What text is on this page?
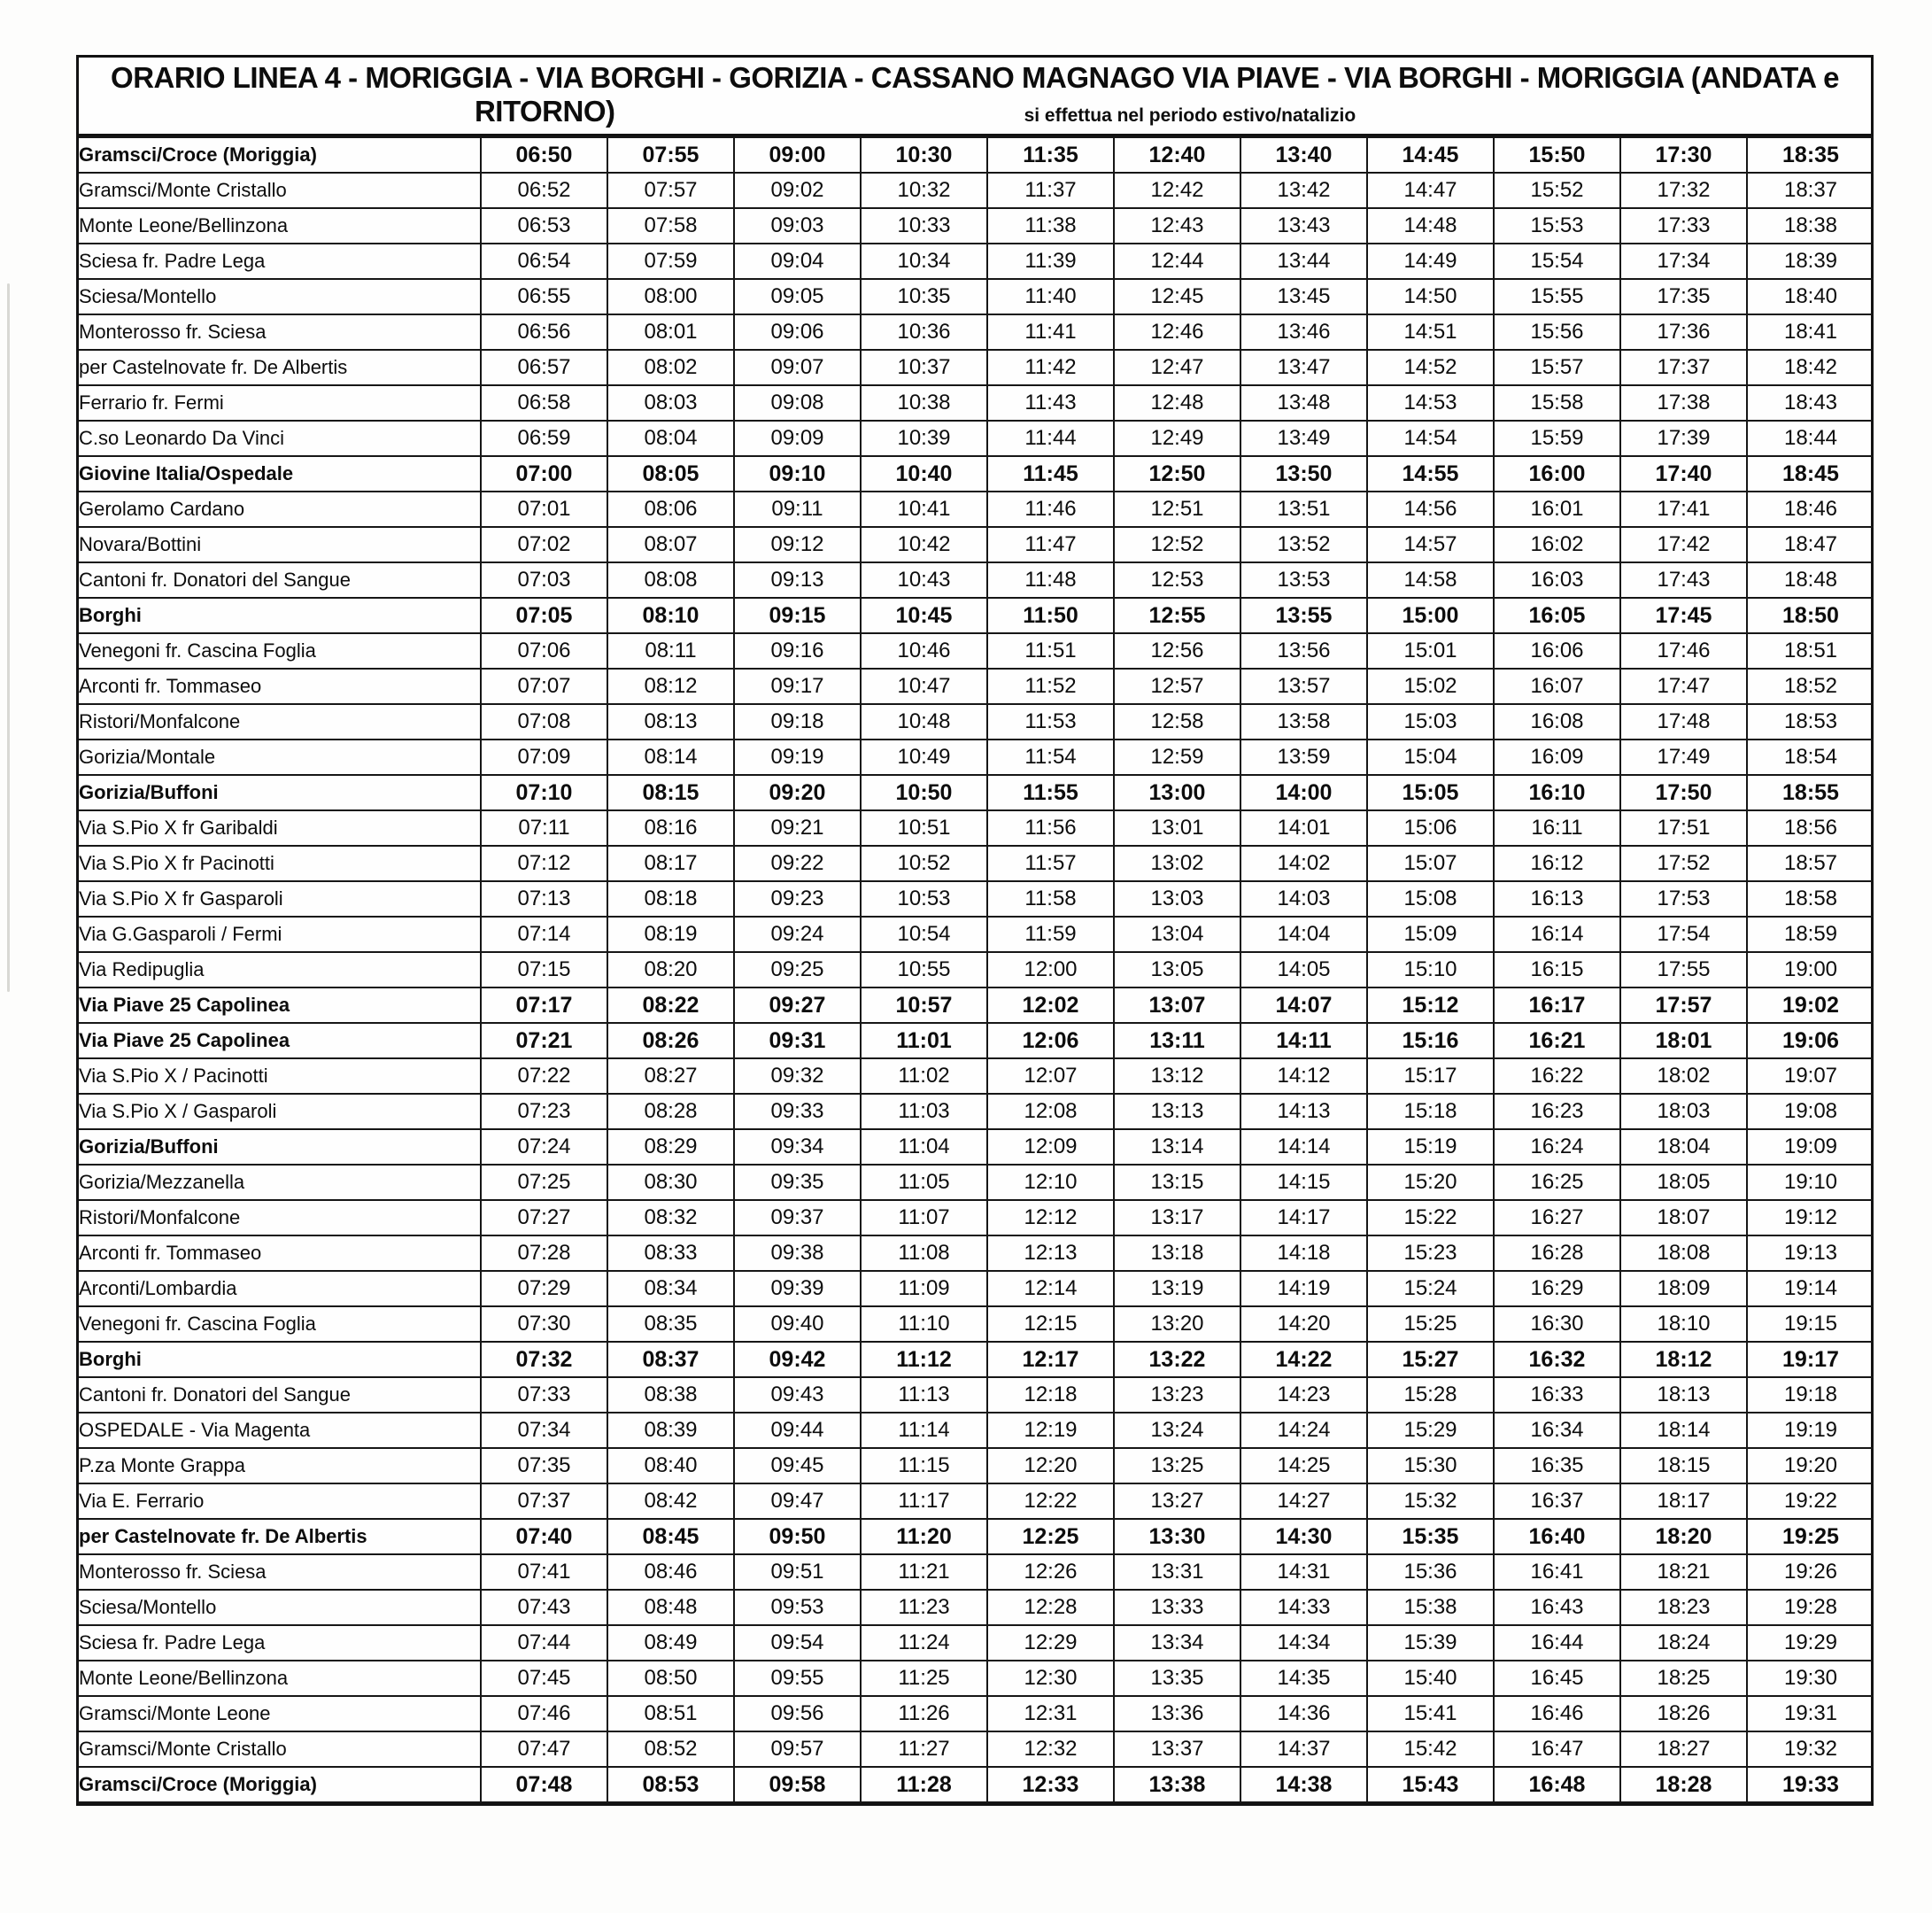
ORARIO LINEA 4 - MORIGGIA - VIA BORGHI - GORIZIA - CASSANO MAGNAGO VIA PIAVE - VIA BORGHI - MORIGGIA (ANDATA e
RITORNO)	si effettua nel periodo estivo/natalizio
Gramsci/Croce (Moriggia)	06:50	07:55	09:00	10:30	11:35	12:40	13:40	14:45	15:50	17:30	18:35
Gramsci/Monte Cristallo	06:52	07:57	09:02	10:32	11:37	12:42	13:42	14:47	15:52	17:32	18:37
Monte Leone/Bellinzona	06:53	07:58	09:03	10:33	11:38	12:43	13:43	14:48	15:53	17:33	18:38
Sciesa fr. Padre Lega	06:54	07:59	09:04	10:34	11:39	12:44	13:44	14:49	15:54	17:34	18:39
Sciesa/Montello	06:55	08:00	09:05	10:35	11:40	12:45	13:45	14:50	15:55	17:35	18:40
Monterosso fr. Sciesa	06:56	08:01	09:06	10:36	11:41	12:46	13:46	14:51	15:56	17:36	18:41
per Castelnovate fr. De Albertis	06:57	08:02	09:07	10:37	11:42	12:47	13:47	14:52	15:57	17:37	18:42
Ferrario fr. Fermi	06:58	08:03	09:08	10:38	11:43	12:48	13:48	14:53	15:58	17:38	18:43
C.so Leonardo Da Vinci	06:59	08:04	09:09	10:39	11:44	12:49	13:49	14:54	15:59	17:39	18:44
Giovine Italia/Ospedale	07:00	08:05	09:10	10:40	11:45	12:50	13:50	14:55	16:00	17:40	18:45
Gerolamo Cardano	07:01	08:06	09:11	10:41	11:46	12:51	13:51	14:56	16:01	17:41	18:46
Novara/Bottini	07:02	08:07	09:12	10:42	11:47	12:52	13:52	14:57	16:02	17:42	18:47
Cantoni fr. Donatori del Sangue	07:03	08:08	09:13	10:43	11:48	12:53	13:53	14:58	16:03	17:43	18:48
Borghi	07:05	08:10	09:15	10:45	11:50	12:55	13:55	15:00	16:05	17:45	18:50
Venegoni fr. Cascina Foglia	07:06	08:11	09:16	10:46	11:51	12:56	13:56	15:01	16:06	17:46	18:51
Arconti fr. Tommaseo	07:07	08:12	09:17	10:47	11:52	12:57	13:57	15:02	16:07	17:47	18:52
Ristori/Monfalcone	07:08	08:13	09:18	10:48	11:53	12:58	13:58	15:03	16:08	17:48	18:53
Gorizia/Montale	07:09	08:14	09:19	10:49	11:54	12:59	13:59	15:04	16:09	17:49	18:54
Gorizia/Buffoni	07:10	08:15	09:20	10:50	11:55	13:00	14:00	15:05	16:10	17:50	18:55
Via S.Pio X fr Garibaldi	07:11	08:16	09:21	10:51	11:56	13:01	14:01	15:06	16:11	17:51	18:56
Via S.Pio X fr Pacinotti	07:12	08:17	09:22	10:52	11:57	13:02	14:02	15:07	16:12	17:52	18:57
Via S.Pio X fr Gasparoli	07:13	08:18	09:23	10:53	11:58	13:03	14:03	15:08	16:13	17:53	18:58
Via G.Gasparoli / Fermi	07:14	08:19	09:24	10:54	11:59	13:04	14:04	15:09	16:14	17:54	18:59
Via Redipuglia	07:15	08:20	09:25	10:55	12:00	13:05	14:05	15:10	16:15	17:55	19:00
Via Piave 25 Capolinea	07:17	08:22	09:27	10:57	12:02	13:07	14:07	15:12	16:17	17:57	19:02
Via Piave 25 Capolinea	07:21	08:26	09:31	11:01	12:06	13:11	14:11	15:16	16:21	18:01	19:06
Via S.Pio X / Pacinotti	07:22	08:27	09:32	11:02	12:07	13:12	14:12	15:17	16:22	18:02	19:07
Via S.Pio X / Gasparoli	07:23	08:28	09:33	11:03	12:08	13:13	14:13	15:18	16:23	18:03	19:08
Gorizia/Buffoni	07:24	08:29	09:34	11:04	12:09	13:14	14:14	15:19	16:24	18:04	19:09
Gorizia/Mezzanella	07:25	08:30	09:35	11:05	12:10	13:15	14:15	15:20	16:25	18:05	19:10
Ristori/Monfalcone	07:27	08:32	09:37	11:07	12:12	13:17	14:17	15:22	16:27	18:07	19:12
Arconti fr. Tommaseo	07:28	08:33	09:38	11:08	12:13	13:18	14:18	15:23	16:28	18:08	19:13
Arconti/Lombardia	07:29	08:34	09:39	11:09	12:14	13:19	14:19	15:24	16:29	18:09	19:14
Venegoni fr. Cascina Foglia	07:30	08:35	09:40	11:10	12:15	13:20	14:20	15:25	16:30	18:10	19:15
Borghi	07:32	08:37	09:42	11:12	12:17	13:22	14:22	15:27	16:32	18:12	19:17
Cantoni fr. Donatori del Sangue	07:33	08:38	09:43	11:13	12:18	13:23	14:23	15:28	16:33	18:13	19:18
OSPEDALE - Via Magenta	07:34	08:39	09:44	11:14	12:19	13:24	14:24	15:29	16:34	18:14	19:19
P.za Monte Grappa	07:35	08:40	09:45	11:15	12:20	13:25	14:25	15:30	16:35	18:15	19:20
Via E. Ferrario	07:37	08:42	09:47	11:17	12:22	13:27	14:27	15:32	16:37	18:17	19:22
per Castelnovate fr. De Albertis	07:40	08:45	09:50	11:20	12:25	13:30	14:30	15:35	16:40	18:20	19:25
Monterosso fr. Sciesa	07:41	08:46	09:51	11:21	12:26	13:31	14:31	15:36	16:41	18:21	19:26
Sciesa/Montello	07:43	08:48	09:53	11:23	12:28	13:33	14:33	15:38	16:43	18:23	19:28
Sciesa fr. Padre Lega	07:44	08:49	09:54	11:24	12:29	13:34	14:34	15:39	16:44	18:24	19:29
Monte Leone/Bellinzona	07:45	08:50	09:55	11:25	12:30	13:35	14:35	15:40	16:45	18:25	19:30
Gramsci/Monte Leone	07:46	08:51	09:56	11:26	12:31	13:36	14:36	15:41	16:46	18:26	19:31
Gramsci/Monte Cristallo	07:47	08:52	09:57	11:27	12:32	13:37	14:37	15:42	16:47	18:27	19:32
Gramsci/Croce (Moriggia)	07:48	08:53	09:58	11:28	12:33	13:38	14:38	15:43	16:48	18:28	19:33
